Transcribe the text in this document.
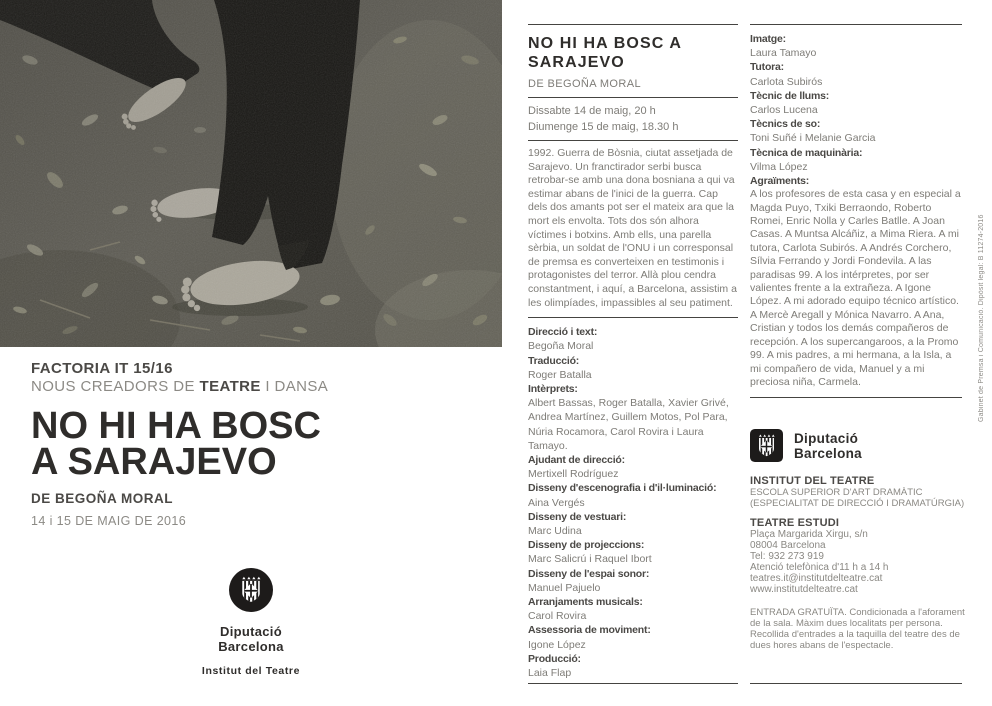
FACTORIA IT 15/16
NOUS CREADORS DE TEATRE I DANSA
NO HI HA BOSC
A SARAJEVO
DE BEGOÑA MORAL
14 i 15 DE MAIG DE 2016
Diputació
Barcelona
Institut del Teatre
NO HI HA BOSC A
SARAJEVO
DE BEGOÑA MORAL
Dissabte 14 de maig, 20 h
Diumenge 15 de maig, 18.30 h
1992. Guerra de Bòsnia, ciutat assetjada de Sarajevo. Un franctirador serbi busca retrobar-se amb una dona bosniana a qui va estimar abans de l'inici de la guerra. Cap dels dos amants pot ser el mateix ara que la mort els envolta. Tots dos són alhora víctimes i botxins. Amb ells, una parella sèrbia, un soldat de l'ONU i un corresponsal de premsa es converteixen en testimonis i protagonistes del terror. Allà plou cendra constantment, i aquí, a Barcelona, assistim a les olimpíades, impassibles al seu patiment.
Direcció i text:
Begoña Moral
Traducció:
Roger Batalla
Intèrprets:
Albert Bassas, Roger Batalla, Xavier Grivé, Andrea Martínez, Guillem Motos, Pol Para, Núria Rocamora, Carol Rovira i Laura Tamayo.
Ajudant de direcció:
Mertixell Rodríguez
Disseny d'escenografia i d'il·luminació:
Aina Vergés
Disseny de vestuari:
Marc Udina
Disseny de projeccions:
Marc Salicrú i Raquel Ibort
Disseny de l'espai sonor:
Manuel Pajuelo
Arranjaments musicals:
Carol Rovira
Assessoria de moviment:
Igone López
Producció:
Laia Flap
Imatge:
Laura Tamayo
Tutora:
Carlota Subirós
Tècnic de llums:
Carlos Lucena
Tècnics de so:
Toni Suñé i Melanie Garcia
Tècnica de maquinària:
Vilma López
Agraïments:
A los profesores de esta casa y en especial a Magda Puyo, Txiki Berraondo, Roberto Romei, Enric Nolla y Carles Batlle. A Joan Casas. A Muntsa Alcáñiz, a Mima Riera. A mi tutora, Carlota Subirós. A Andrés Corchero, Sílvia Ferrando y Jordi Fondevila. A las paradisas 99. A los intérpretes, por ser valientes frente a la extrañeza. A Igone López. A mi adorado equipo técnico artístico. A Mercè Aregall y Mónica Navarro. A Ana, Cristian y todos los demás compañeros de recepción. A los supercangaroos, a la Promo 99. A mis padres, a mi hermana, a la Isla, a mi compañero de vida, Manuel y a mi preciosa niña, Carmela.
Diputació
Barcelona
INSTITUT DEL TEATRE
ESCOLA SUPERIOR D'ART DRAMÀTIC
(ESPECIALITAT DE DIRECCIÓ I DRAMATÚRGIA)
TEATRE ESTUDI
Plaça Margarida Xirgu, s/n
08004 Barcelona
Tel: 932 273 919
Atenció telefònica d'11 h a 14 h
teatres.it@institutdelteatre.cat
www.institutdelteatre.cat
ENTRADA GRATUÏTA. Condicionada a l'aforament de la sala. Màxim dues localitats per persona. Recollida d'entrades a la taquilla del teatre des de dues hores abans de l'espectacle.
Gabinet de Premsa i Comunicació. Dipòsit legal: B 11274-2016
